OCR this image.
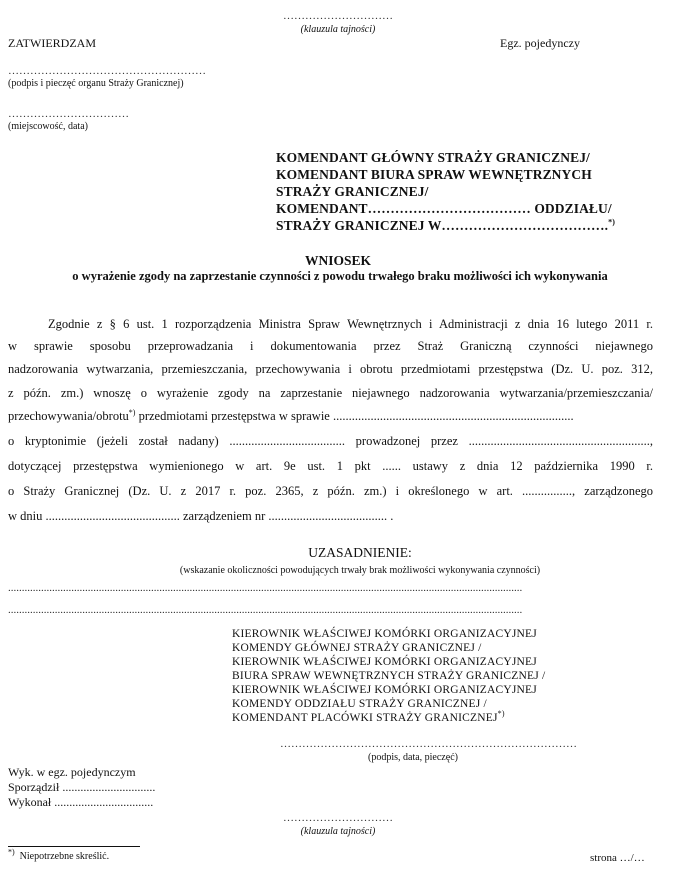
…………………………
(klauzula tajności)
ZATWIERDZAM	Egz. pojedynczy
………………………………………………
(podpis i pieczęć organu Straży Granicznej)
……………………………
(miejscowość, data)
KOMENDANT GŁÓWNY STRAŻY GRANICZNEJ/
KOMENDANT BIURA SPRAW WEWNĘTRZNYCH
STRAŻY GRANICZNEJ/
KOMENDANT……………………………… ODDZIAŁU/
STRAŻY GRANICZNEJ W……………………………….*)
WNIOSEK
o wyrażenie zgody na zaprzestanie czynności z powodu trwałego braku możliwości ich wykonywania
Zgodnie z § 6 ust. 1 rozporządzenia Ministra Spraw Wewnętrznych i Administracji z dnia 16 lutego 2011 r.
w sprawie sposobu przeprowadzania i dokumentowania przez Straż Graniczną czynności niejawnego
nadzorowania wytwarzania, przemieszczania, przechowywania i obrotu przedmiotami przestępstwa (Dz. U. poz. 312,
z późn. zm.) wnoszę o wyrażenie zgody na zaprzestanie niejawnego nadzorowania wytwarzania/przemieszczania/
przechowywania/obrotu*) przedmiotami przestępstwa w sprawie .............................................................................
o kryptonimie (jeżeli został nadany) ..................................... prowadzonej przez ..........................................................,
dotyczącej przestępstwa wymienionego w art. 9e ust. 1 pkt ...... ustawy z dnia 12 października 1990 r.
o Straży Granicznej (Dz. U. z 2017 r. poz. 2365, z późn. zm.) i określonego w art. ................, zarządzonego
w dniu ........................................... zarządzeniem nr ...................................... .
UZASADNIENIE:
(wskazanie okoliczności powodujących trwały brak możliwości wykonywania czynności)
...........................................................................................................................................................................................
...........................................................................................................................................................................................
KIEROWNIK WŁAŚCIWEJ KOMÓRKI ORGANIZACYJNEJ
KOMENDY GŁÓWNEJ STRAŻY GRANICZNEJ /
KIEROWNIK WŁAŚCIWEJ KOMÓRKI ORGANIZACYJNEJ
BIURA SPRAW WEWNĘTRZNYCH STRAŻY GRANICZNEJ /
KIEROWNIK WŁAŚCIWEJ KOMÓRKI ORGANIZACYJNEJ
KOMENDY ODDZIAŁU STRAŻY GRANICZNEJ /
KOMENDANT PLACÓWKI STRAŻY GRANICZNEJ*)
………………………………………………………………………
(podpis, data, pieczęć)
Wyk. w egz. pojedynczym
Sporządził ...............................
Wykonał .................................
…………………………
(klauzula tajności)
*)  Niepotrzebne skreślić.	strona …/…
